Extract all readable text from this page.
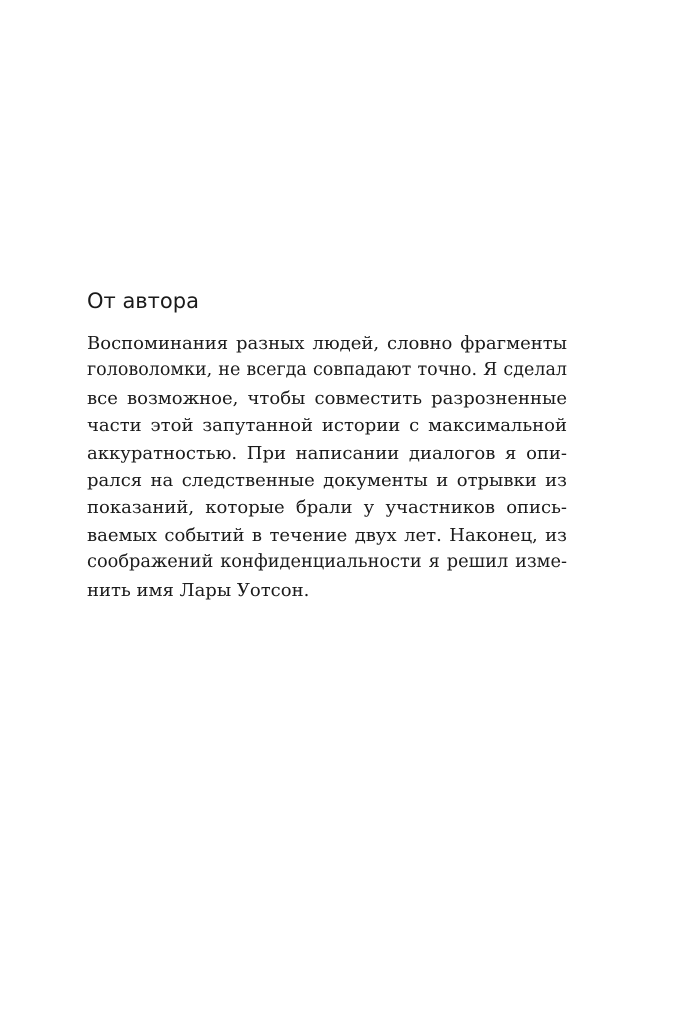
От автора
Воспоминания разных людей, словно фрагменты
головоломки, не всегда совпадают точно. Я сделал
все возможное, чтобы совместить разрозненные
части этой запутанной истории с максимальной
аккуратностью. При написании диалогов я опи-
рался на следственные документы и отрывки из
показаний, которые брали у участников опись-
ваемых событий в течение двух лет. Наконец, из
соображений конфиденциальности я решил изме-
нить имя Лары Уотсон.
